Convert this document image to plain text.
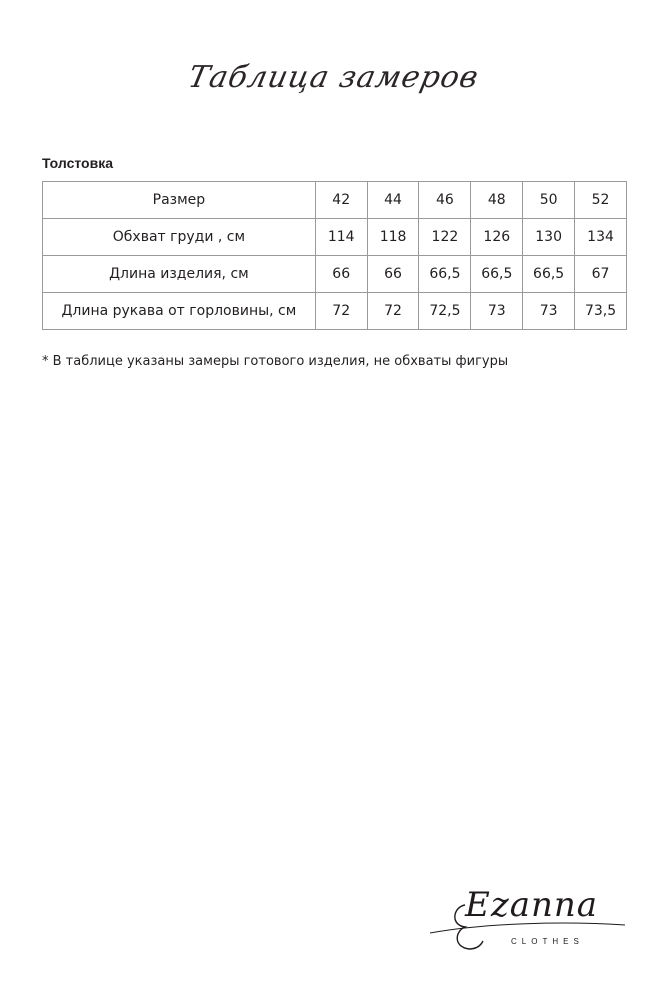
Таблица замеров
Толстовка
Размер	42	44	46	48	50	52
Обхват груди , см	114	118	122	126	130	134
Длина изделия, см	66	66	66,5	66,5	66,5	67
Длина рукава от горловины, см	72	72	72,5	73	73	73,5
* В таблице указаны замеры готового изделия, не обхваты фигуры
Ezanna
CLOTHES
